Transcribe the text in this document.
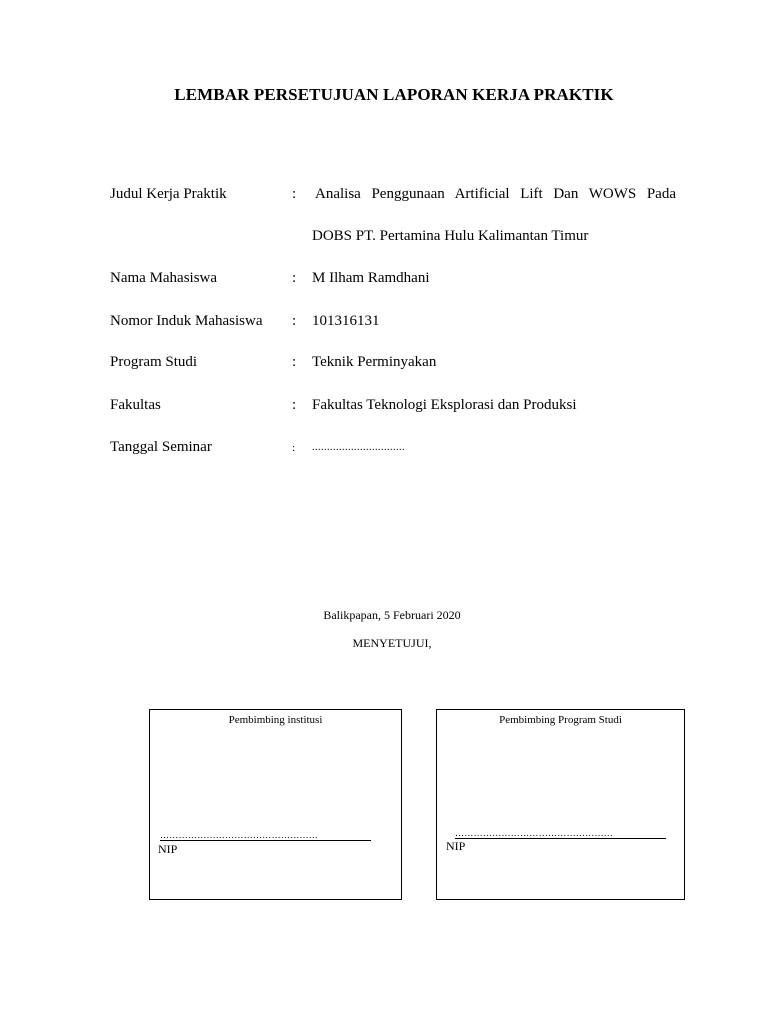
LEMBAR PERSETUJUAN LAPORAN KERJA PRAKTIK
Judul Kerja Praktik	: Analisa Penggunaan Artificial Lift Dan WOWS Pada
DOBS PT. Pertamina Hulu Kalimantan Timur
Nama Mahasiswa	: M Ilham Ramdhani
Nomor Induk Mahasiswa : 101316131
Program Studi	: Teknik Perminyakan
Fakultas	: Fakultas Teknologi Eksplorasi dan Produksi
Tanggal Seminar	: ...............................
Balikpapan, 5 Februari 2020
MENYETUJUI,
Pembimbing institusi
……………………………………………
NIP
Pembimbing Program Studi
……………………………………………
NIP
